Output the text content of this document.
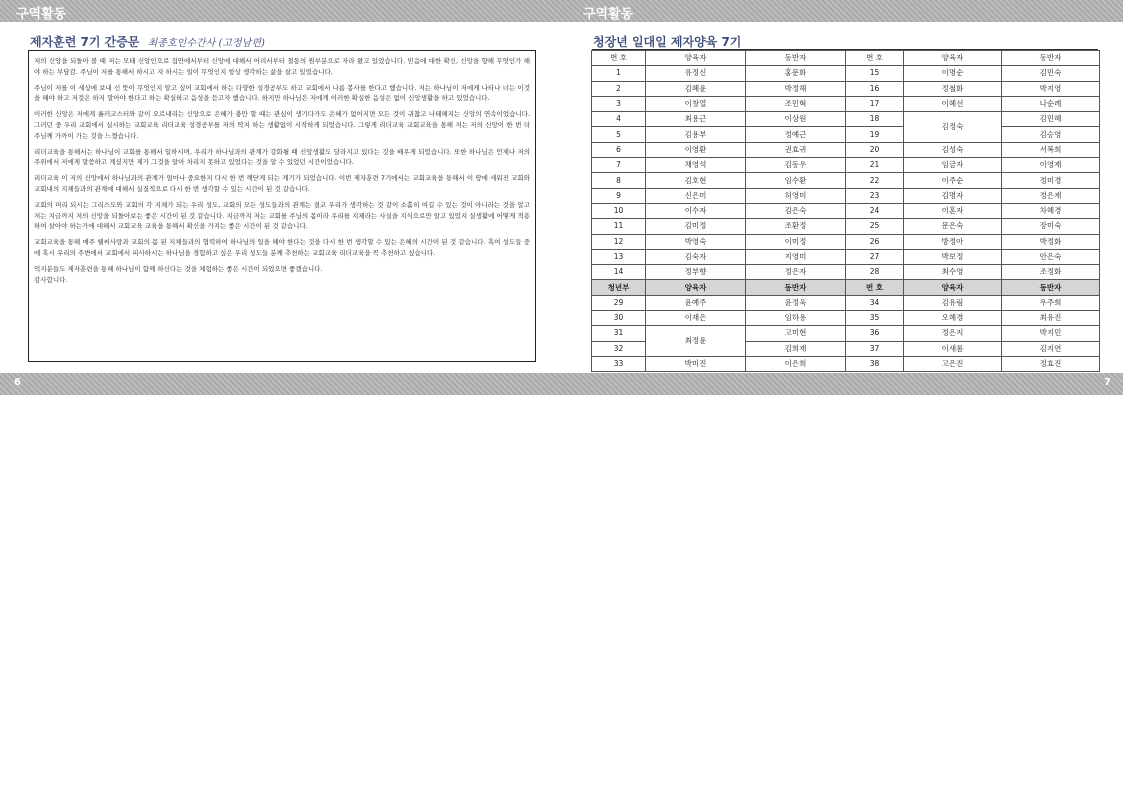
구역활동	구역활동
6	7
제자훈련 7기 간증문 최종호인수간사 (고정남편)

저의 신앙을 되돌아 볼 때 저는 모태 신앙인으로 집안에서부터 신앙에 대해서 어려서부터 철통의 원부분으로 자라 왔고 있었습니다. 믿음에 대한 확신, 신앙을 향해 무엇인가 해야 하는 부담감. 주님이 저를 통해서 하시고 자 하시는 일이 무엇인지 항상 생각하는 삶을 살고 있었습니다.

주님이 저를 이 세상에 보내 신 뜻이 무엇인지 알고 싶어 교회에서 하는 다양한 성경공부도 하고 교회에서 나름 봉사를 한다고 했습니다. 저는 하나님이 저에게 나타나 너는 이것을 해야 하고 저것은 하지 말아야 한다고 하는 확실하고 음성을 듣고자 했습니다. 하지만 하나님은 저에게 이러한 확실한 음성은 없이 신앙생활을 하고 있었습니다.

이러한 신앙은 저에게 롤러코스터와 같이 오르내리는 신앙으로 은혜가 충만 할 때는 관심이 생기다가도 은혜가 없어지면 모든 것이 귀찮고 나태해지는 신앙의 연속이었습니다. 그러던 중 우리 교회에서 실시하는 교회교육 리더교육 성경공부를 저의 딱지 하는 생활없이 시작하게 되었습니다. 그렇게 리더교육 교회교육을 통해 저는 저의 신앙이 한 번 더 주님께 가까이 가는 것을 느꼈습니다.

리더교육을 통해서는 하나님이 교회를 통해서 일하시며, 우리가 하나님과의 관계가 강화될 때 신앙생활도 달라지고 있다는 것을 배우게 되었습니다. 또한 하나님은 언제나 저의 주위에서 저에게 말씀하고 계셨지만 제가 그것을 알아 차리지 못하고 있었다는 것을 알 수 있었던 시간이었습니다.

리더교육 이 저의 신앙에서 하나님과의 관계가 얼마나 중요한지 다시 한 번 깨닫게 되는 계기가 되었습니다. 이번 제자훈련 7기에서는 교회교육을 통해서 이 땅에 세워진 교회와 교회내의 지체들과의 관계에 대해서 실질적으로 다시 한 번 생각할 수 있는 시간이 된 것 같습니다.

교회의 머리 되시는 그리스도와 교회의 각 지체가 되는 우리 성도, 교회의 모든 성도들과의 관계는 결코 우리가 생각하는 것 같이 소홀히 여길 수 있는 것이 아니라는 것을 알고 저는 지금까지 저의 신앙을 되돌아보는 좋은 시간이 된 것 같습니다. 지금까지 저는 교회를 주님의 몸이라 우리를 지체라는 사실을 지식으로만 알고 있었지 실생활에 어떻게 적용하여 살아야 하는가에 대해서 교회교육 교육을 통해서 확신을 가지는 좋은 시간이 된 것 같습니다.

교회교육을 통해 매주 웰씨사랑과 교회의 몸 된 지체들과의 협력하여 하나님의 일을 해야 한다는 것을 다시 한 번 생각할 수 있는 은혜의 시간이 된 것 같습니다. 혹여 성도들 중에 혹시 우리의 주변에서 교회에서 피사하시는 하나님을 경험하고 싶은 우리 성도들 분께 추천하는 교회교육 리더교육을 꼭 추천하고 싶습니다.

억지분들도 제자훈련을 통해 하나님이 함께 하신다는 것을 체험하는 좋은 시간이 되었으면 좋겠습니다.

감사합니다.

청장년 일대일 제자양육 7기
번 호	양육자	동반자	번 호	양육자	동반자
1	유정신	홍문화	15	이명순	김민숙
2	김혜윤	박정해	16	정철화	박지영
3	이창열	조민혁	17	이혜선	나순례
4	최용근	이상원	18	김정숙	김민혜
5	김용부	정예근	19		김승영
6	이영환	권효귀	20	김성숙	서복희
7	채영석	김동우	21	임금자	이영재
8	김호현	임수환	22	이주순	정미경
9	신은미	허영미	23	김명자	정은재
10	이수자	김은숙	24	이혼자	차혜경
11	김미정	조환정	25	문은숙	장미숙
12	박영숙	이미정	26	방정아	박정화
13	김숙자	지영미	27	박보정	안은숙
14	정부향	정은자	28	최수영	조정화
청년부	양육자	동반자	번 호	양육자	동반자
29	윤예주	윤정욱	34	김유림	우주희
30	이재은	임하용	35	오혜경	최유진
31	최정윤	고미현	36	정은지	박지민
32		김희재	37	이새롬	김지연
33	박미진	이은희	38	고은진	정효진
